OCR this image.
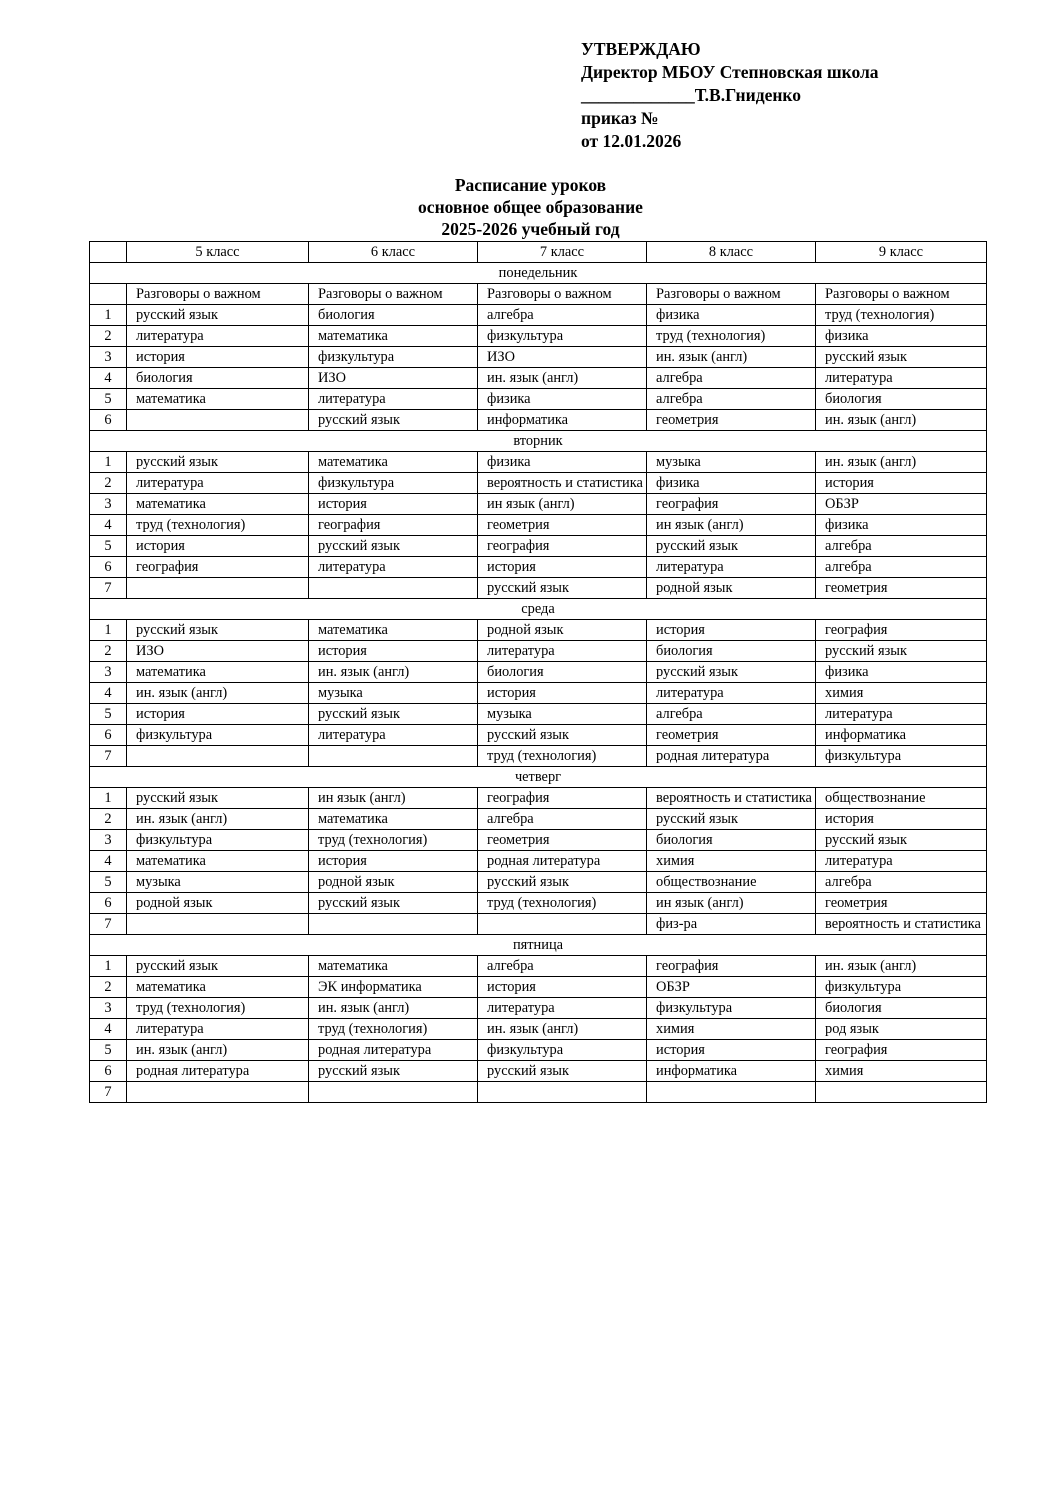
УТВЕРЖДАЮ
Директор МБОУ Степновская школа
_____________Т.В.Гниденко
приказ №
от 12.01.2026
Расписание уроков
основное общее образование
2025-2026 учебный год
	5 класс	6 класс	7 класс	8 класс	9 класс
понедельник					
	Разговоры о важном	Разговоры о важном	Разговоры о важном	Разговоры о важном	Разговоры о важном
1	русский язык	биология	алгебра	физика	труд (технология)
2	литература	математика	физкультура	труд (технология)	физика
3	история	физкультура	ИЗО	ин. язык (англ)	русский язык
4	биология	ИЗО	ин. язык (англ)	алгебра	литература
5	математика	литература	физика	алгебра	биология
6		русский язык	информатика	геометрия	ин. язык (англ)
вторник					
1	русский язык	математика	физика	музыка	ин. язык (англ)
2	литература	физкультура	вероятность и статистика	физика	история
3	математика	история	ин язык (англ)	география	ОБЗР
4	труд (технология)	география	геометрия	ин язык (англ)	физика
5	история	русский язык	география	русский язык	алгебра
6	география	литература	история	литература	алгебра
7			русский язык	родной язык	геометрия
среда					
1	русский язык	математика	родной язык	история	география
2	ИЗО	история	литература	биология	русский язык
3	математика	ин. язык (англ)	биология	русский язык	физика
4	ин. язык (англ)	музыка	история	литература	химия
5	история	русский язык	музыка	алгебра	литература
6	физкультура	литература	русский язык	геометрия	информатика
7			труд (технология)	родная литература	физкультура
четверг					
1	русский язык	ин язык (англ)	география	вероятность и статистика	обществознание
2	ин. язык (англ)	математика	алгебра	русский язык	история
3	физкультура	труд (технология)	геометрия	биология	русский язык
4	математика	история	родная литература	химия	литература
5	музыка	родной язык	русский язык	обществознание	алгебра
6	родной язык	русский язык	труд (технология)	ин язык (англ)	геометрия
7				физ-ра	вероятность и статистика
пятница					
1	русский язык	математика	алгебра	география	ин. язык (англ)
2	математика	ЭК информатика	история	ОБЗР	физкультура
3	труд (технология)	ин. язык (англ)	литература	физкультура	биология
4	литература	труд (технология)	ин. язык (англ)	химия	род язык
5	ин. язык (англ)	родная литература	физкультура	история	география
6	родная литература	русский язык	русский язык	информатика	химия
7					
